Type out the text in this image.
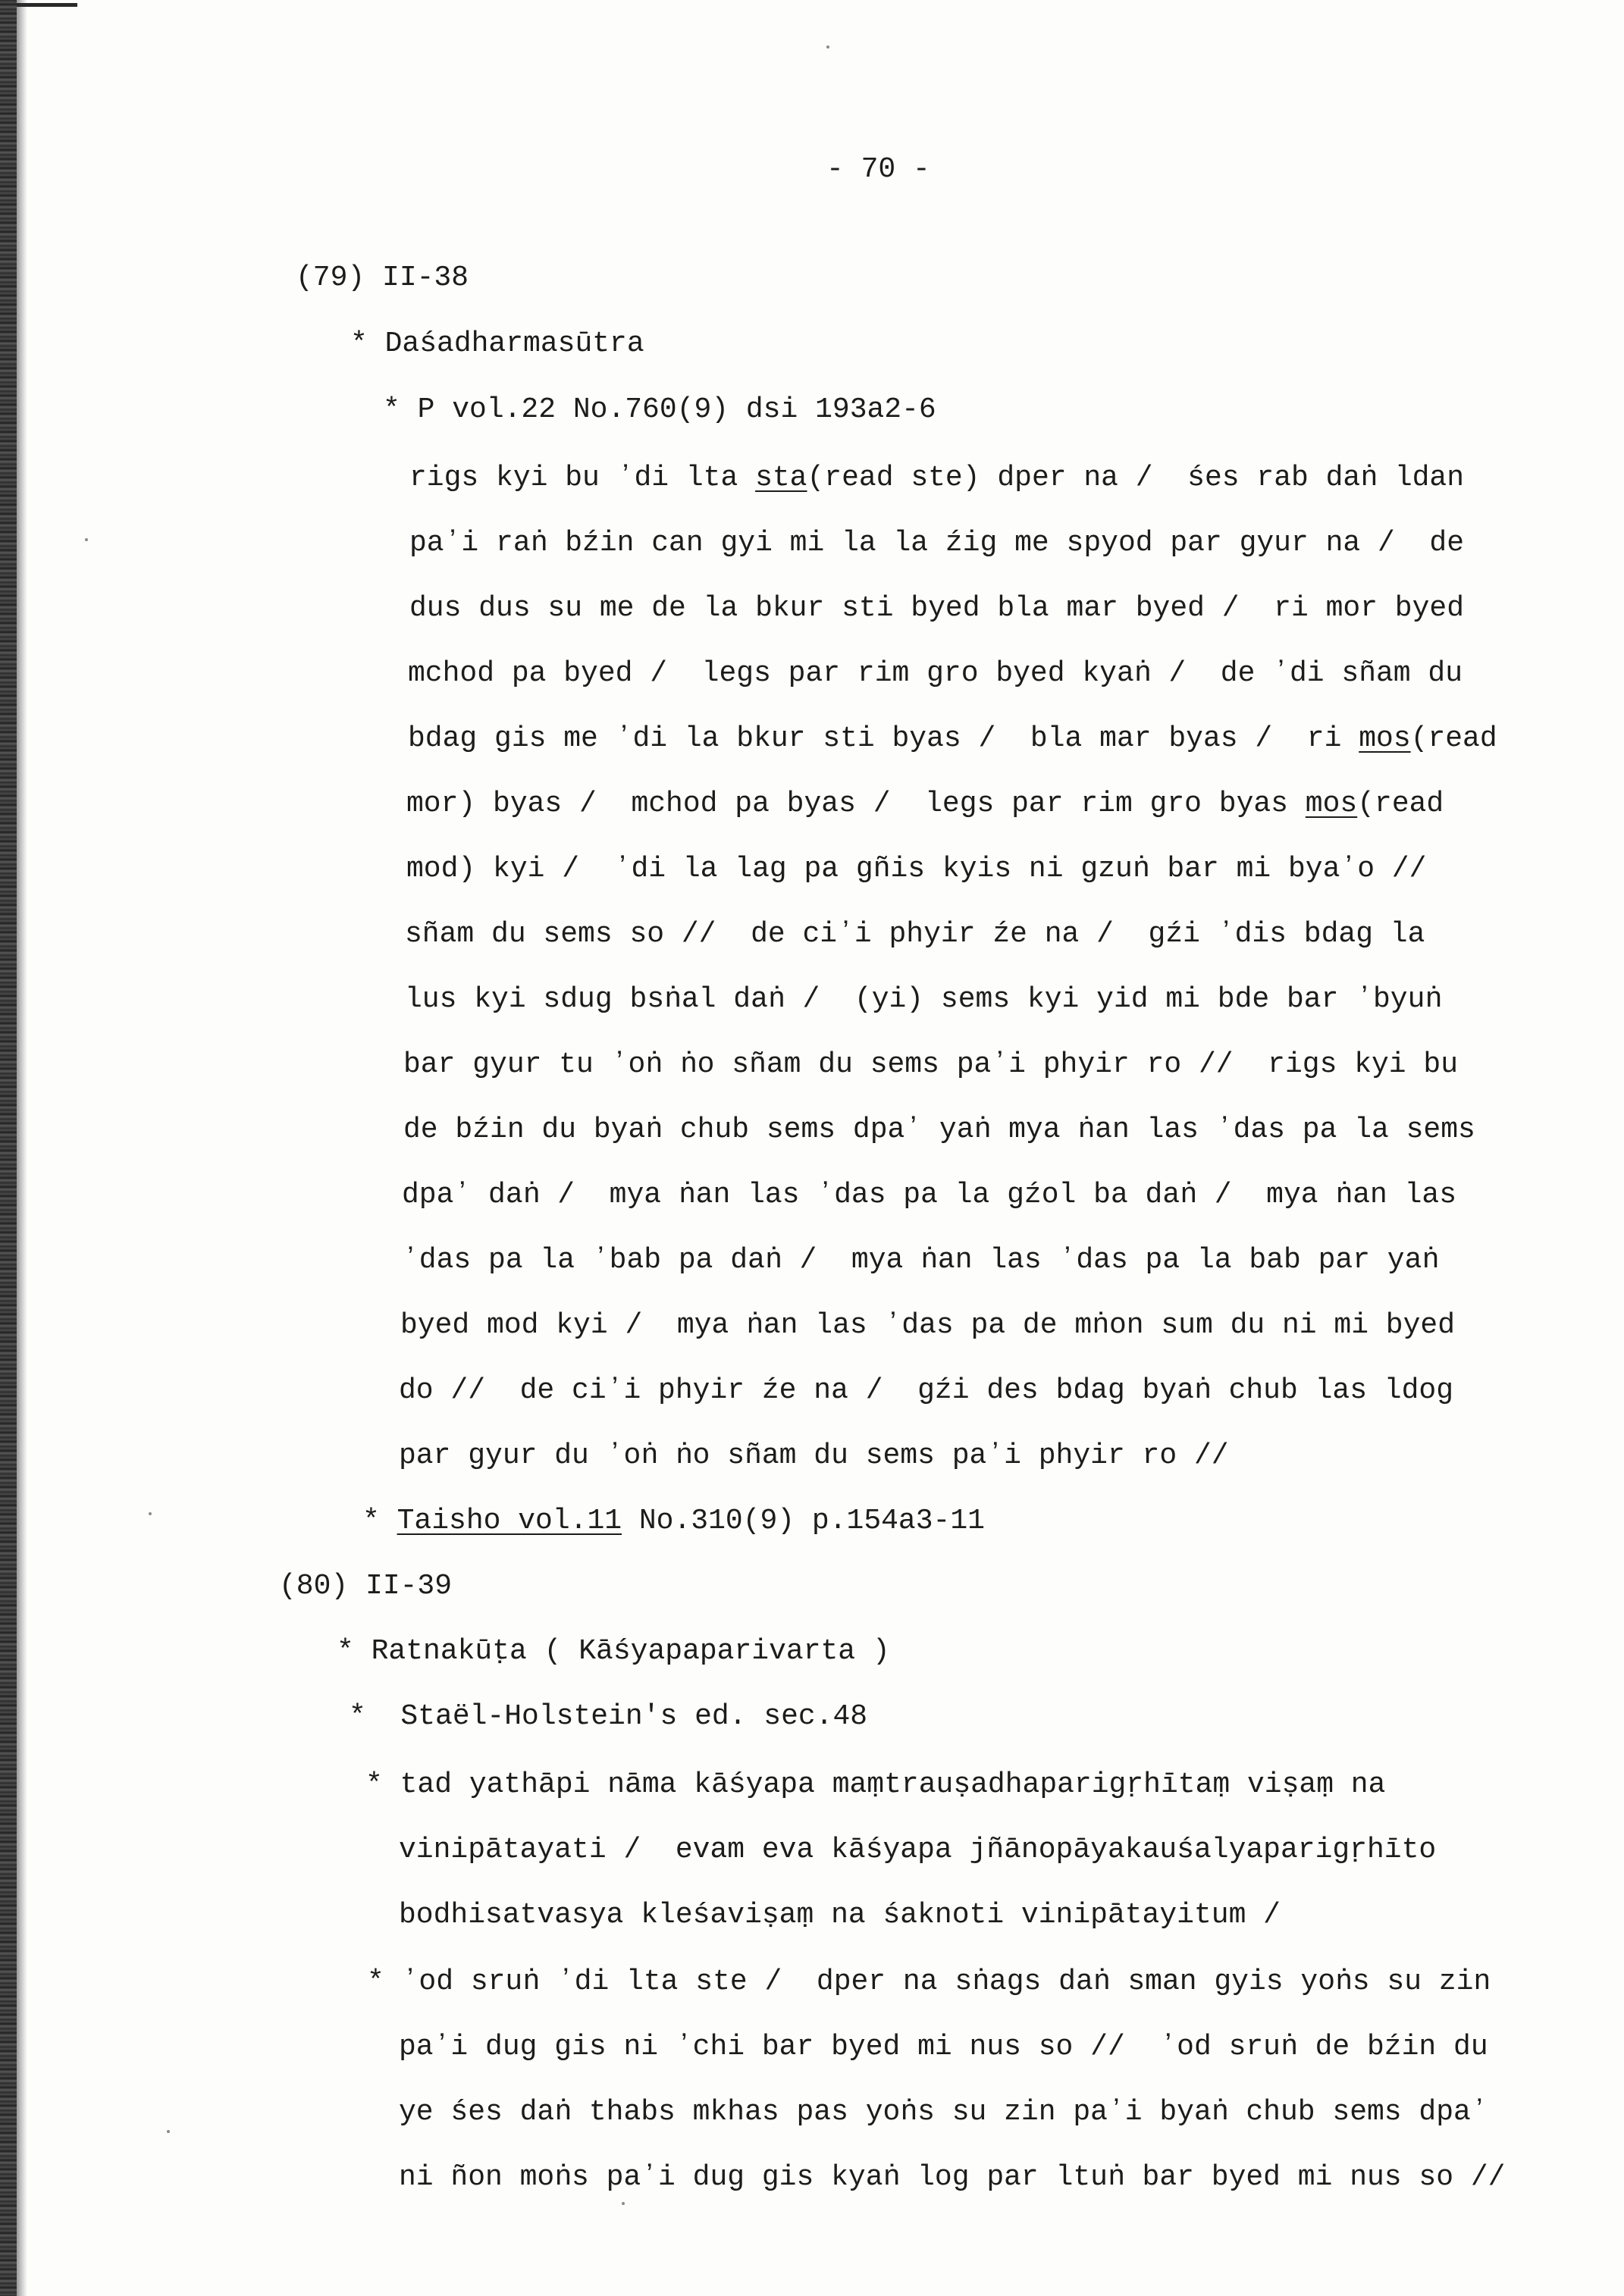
- 70 -
(79) II-38
* Daśadharmasūtra
* P vol.22 No.760(9) dsi 193a2-6
rigs kyi bu ʼdi lta sta(read ste) dper na /  śes rab daṅ ldan
paʼi raṅ bźin can gyi mi la la źig me spyod par gyur na /  de
dus dus su me de la bkur sti byed bla mar byed /  ri mor byed
mchod pa byed /  legs par rim gro byed kyaṅ /  de ʼdi sñam du
bdag gis me ʼdi la bkur sti byas /  bla mar byas /  ri mos(read
mor) byas /  mchod pa byas /  legs par rim gro byas mos(read
mod) kyi /  ʼdi la lag pa gñis kyis ni gzuṅ bar mi byaʼo //
sñam du sems so //  de ciʼi phyir źe na /  gźi ʼdis bdag la
lus kyi sdug bsṅal daṅ /  (yi) sems kyi yid mi bde bar ʼbyuṅ
bar gyur tu ʼoṅ ṅo sñam du sems paʼi phyir ro //  rigs kyi bu
de bźin du byaṅ chub sems dpaʼ yaṅ mya ṅan las ʼdas pa la sems
dpaʼ daṅ /  mya ṅan las ʼdas pa la gźol ba daṅ /  mya ṅan las
ʼdas pa la ʼbab pa daṅ /  mya ṅan las ʼdas pa la bab par yaṅ
byed mod kyi /  mya ṅan las ʼdas pa de mṅon sum du ni mi byed
do //  de ciʼi phyir źe na /  gźi des bdag byaṅ chub las ldog
par gyur du ʼoṅ ṅo sñam du sems paʼi phyir ro //
* Taisho vol.11 No.310(9) p.154a3-11
(80) II-39
* Ratnakūṭa ( Kāśyapaparivarta )
*  Staël-Holstein's ed. sec.48
* tad yathāpi nāma kāśyapa maṃtrauṣadhaparigṛhītaṃ viṣaṃ na
vinipātayati /  evam eva kāśyapa jñānopāyakauśalyaparigṛhīto
bodhisatvasya kleśaviṣaṃ na śaknoti vinipātayitum /
* ʼod sruṅ ʼdi lta ste /  dper na sṅags daṅ sman gyis yoṅs su zin
paʼi dug gis ni ʼchi bar byed mi nus so //  ʼod sruṅ de bźin du
ye śes daṅ thabs mkhas pas yoṅs su zin paʼi byaṅ chub sems dpaʼ
ni ñon moṅs paʼi dug gis kyaṅ log par ltuṅ bar byed mi nus so //
